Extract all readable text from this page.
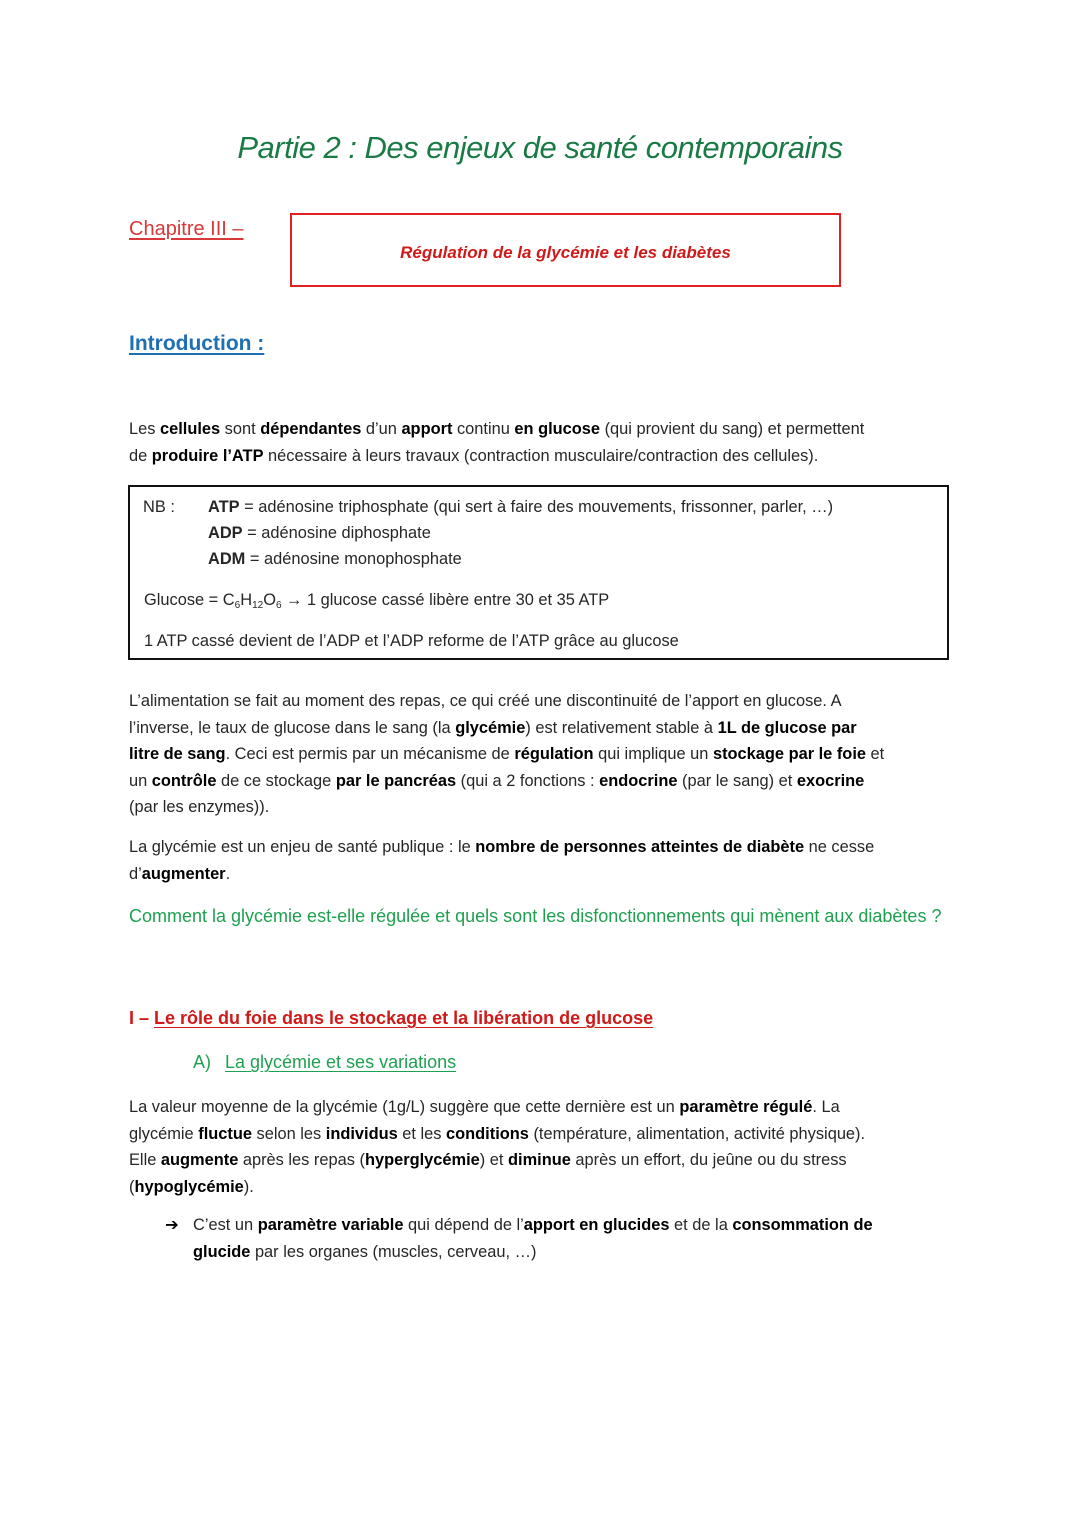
Partie 2 : Des enjeux de santé contemporains
Chapitre III –
Régulation de la glycémie et les diabètes
Introduction :
Les cellules sont dépendantes d’un apport continu en glucose (qui provient du sang) et permettent
de produire l’ATP nécessaire à leurs travaux (contraction musculaire/contraction des cellules).
NB : ATP = adénosine triphosphate (qui sert à faire des mouvements, frissonner, parler, …)
ADP = adénosine diphosphate
ADM = adénosine monophosphate
$Glucose = C_6H_{12}O_6 \to 1$ glucose cassé libère entre 30 et 35 ATP
1 ATP cassé devient de l’ADP et l’ADP reforme de l’ATP grâce au glucose
L’alimentation se fait au moment des repas, ce qui créé une discontinuité de l’apport en glucose. A
l’inverse, le taux de glucose dans le sang (la glycémie) est relativement stable à 1L de glucose par
litre de sang. Ceci est permis par un mécanisme de régulation qui implique un stockage par le foie et
un contrôle de ce stockage par le pancréas (qui a 2 fonctions : endocrine (par le sang) et exocrine
(par les enzymes)).
La glycémie est un enjeu de santé publique : le nombre de personnes atteintes de diabète ne cesse
d’augmenter.
Comment la glycémie est-elle régulée et quels sont les disfonctionnements qui mènent aux diabètes ?
I – Le rôle du foie dans le stockage et la libération de glucose
A) La glycémie et ses variations
La valeur moyenne de la glycémie (1g/L) suggère que cette dernière est un paramètre régulé. La
glycémie fluctue selon les individus et les conditions (température, alimentation, activité physique).
Elle augmente après les repas (hyperglycémie) et diminue après un effort, du jeûne ou du stress
(hypoglycémie).
➔ C’est un paramètre variable qui dépend de l’apport en glucides et de la consommation de
glucide par les organes (muscles, cerveau, …)
